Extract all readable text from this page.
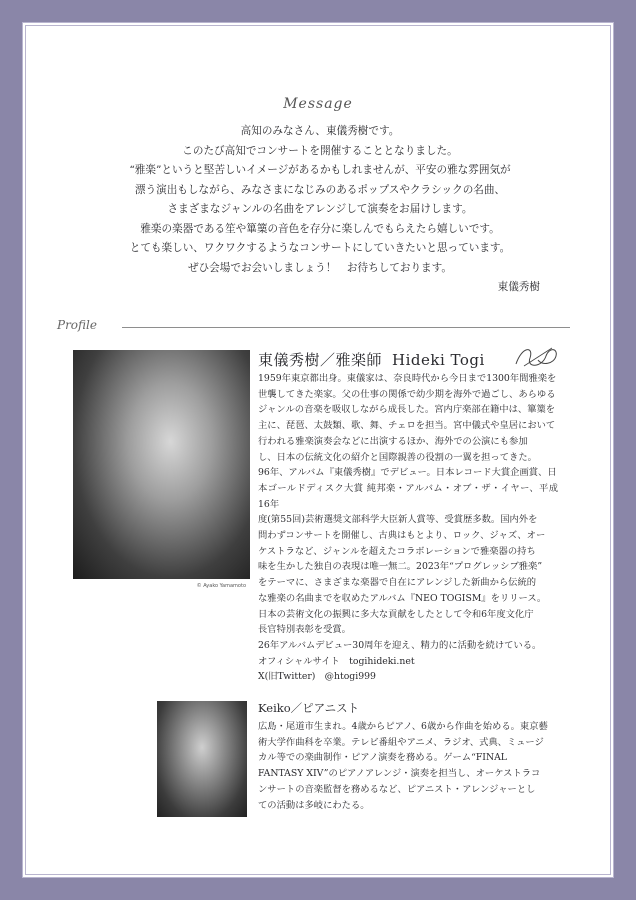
Message

高知のみなさん、東儀秀樹です。

このたび高知でコンサートを開催することとなりました。

“雅楽”というと堅苦しいイメージがあるかもしれませんが、平安の雅な雰囲気が

漂う演出もしながら、みなさまになじみのあるポップスやクラシックの名曲、

さまざまなジャンルの名曲をアレンジして演奏をお届けします。

雅楽の楽器である笙や篳篥の音色を存分に楽しんでもらえたら嬉しいです。

とても楽しい、ワクワクするようなコンサートにしていきたいと思っています。

ぜひ会場でお会いしましょう！　お待ちしております。

東儀秀樹

Profile
© Ayako Yamamoto
東儀秀樹／雅楽師 Hideki Togi

1959年東京都出身。東儀家は、奈良時代から今日まで1300年間雅楽を

世襲してきた楽家。父の仕事の関係で幼少期を海外で過ごし、あらゆる

ジャンルの音楽を吸収しながら成長した。宮内庁楽部在籍中は、篳篥を

主に、琵琶、太鼓類、歌、舞、チェロを担当。宮中儀式や皇居において

行われる雅楽演奏会などに出演するほか、海外での公演にも参加

し、日本の伝統文化の紹介と国際親善の役割の一翼を担ってきた。

96年、アルバム『東儀秀樹』でデビュー。日本レコード大賞企画賞、日

本ゴールドディスク大賞 純邦楽・アルバム・オブ・ザ・イヤー、平成16年

度(第55回)芸術選奨文部科学大臣新人賞等、受賞歴多数。国内外を

問わずコンサートを開催し、古典はもとより、ロック、ジャズ、オー

ケストラなど、ジャンルを超えたコラボレーションで雅楽器の持ち

味を生かした独自の表現は唯一無二。2023年“プログレッシブ雅楽”

をテーマに、さまざまな楽器で自在にアレンジした新曲から伝統的

な雅楽の名曲までを収めたアルバム『NEO TOGISM』をリリース。

日本の芸術文化の振興に多大な貢献をしたとして令和6年度文化庁

長官特別表彰を受賞。

26年アルバムデビュー30周年を迎え、精力的に活動を続けている。

オフィシャルサイト　togihideki.net

X(旧Twitter)　@htogi999

Keiko／ピアニスト

広島・尾道市生まれ。4歳からピアノ、6歳から作曲を始める。東京藝

術大学作曲科を卒業。テレビ番組やアニメ、ラジオ、式典、ミュージ

カル等での楽曲制作・ピアノ演奏を務める。ゲーム“FINAL

FANTASY XIV”のピアノアレンジ・演奏を担当し、オーケストラコ

ンサートの音楽監督を務めるなど、ピアニスト・アレンジャーとし

ての活動は多岐にわたる。
